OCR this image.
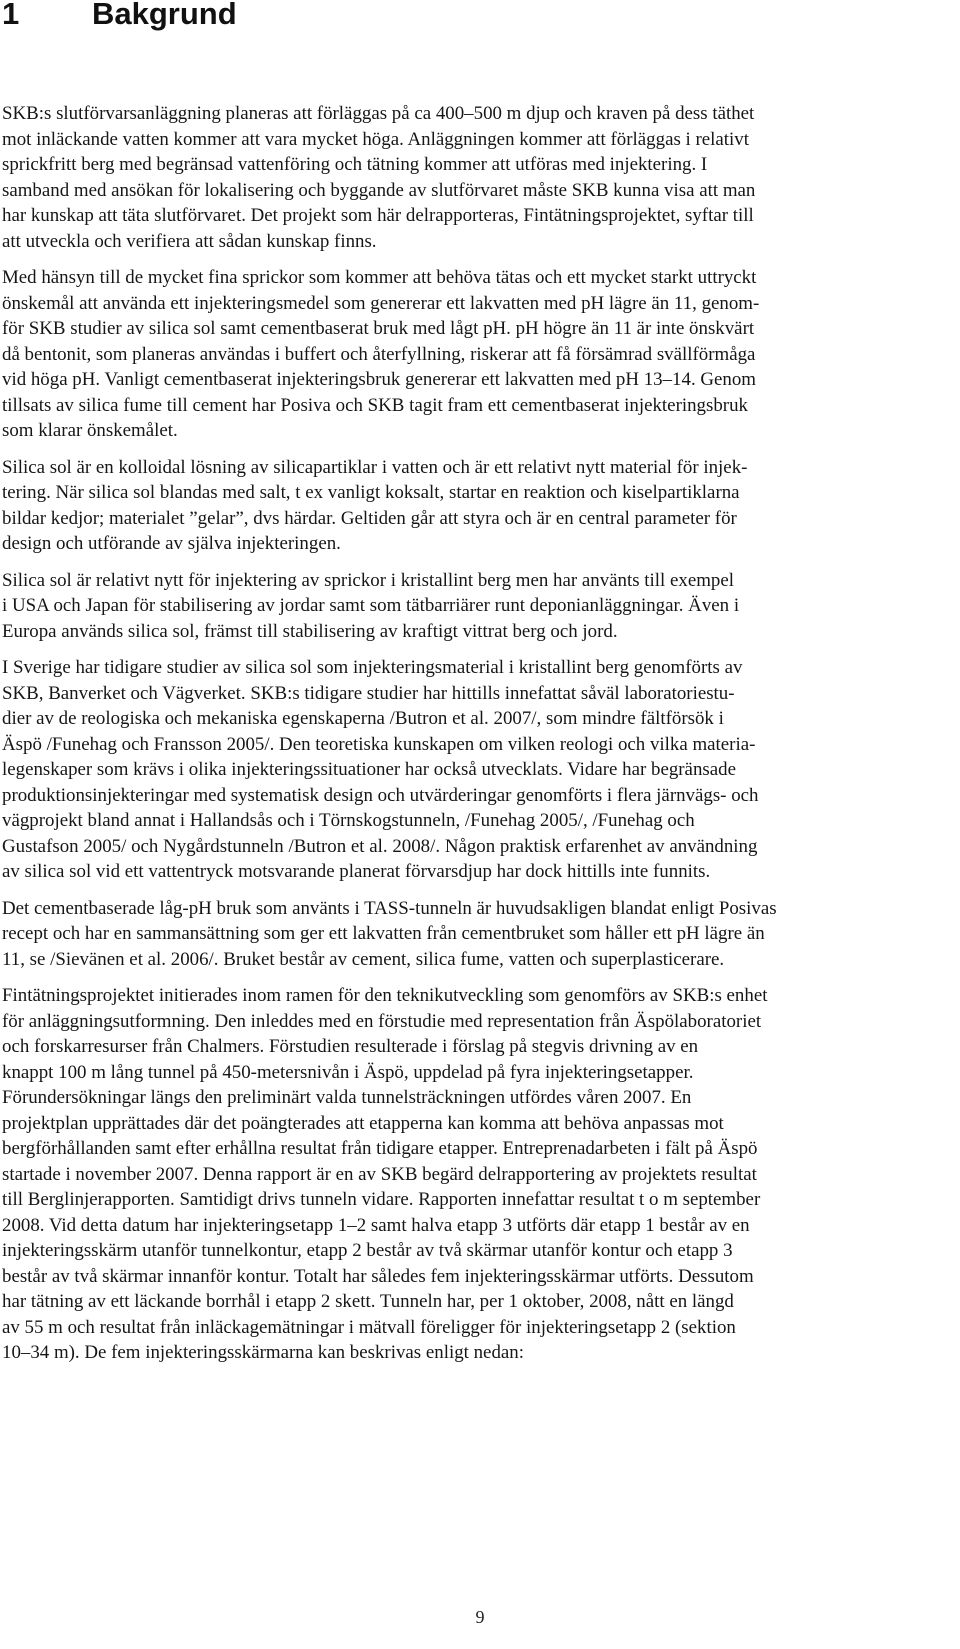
1 Bakgrund

SKB:s slutförvarsanläggning planeras att förläggas på ca 400–500 m djup och kraven på dess täthet
mot inläckande vatten kommer att vara mycket höga. Anläggningen kommer att förläggas i relativt
sprickfritt berg med begränsad vattenföring och tätning kommer att utföras med injektering. I
samband med ansökan för lokalisering och byggande av slutförvaret måste SKB kunna visa att man
har kunskap att täta slutförvaret. Det projekt som här delrapporteras, Fintätningsprojektet, syftar till
att utveckla och verifiera att sådan kunskap finns.

Med hänsyn till de mycket fina sprickor som kommer att behöva tätas och ett mycket starkt uttryckt
önskemål att använda ett injekteringsmedel som genererar ett lakvatten med pH lägre än 11, genom-
för SKB studier av silica sol samt cementbaserat bruk med lågt pH. pH högre än 11 är inte önskvärt
då bentonit, som planeras användas i buffert och återfyllning, riskerar att få försämrad svällförmåga
vid höga pH. Vanligt cementbaserat injekteringsbruk genererar ett lakvatten med pH 13–14. Genom
tillsats av silica fume till cement har Posiva och SKB tagit fram ett cementbaserat injekteringsbruk
som klarar önskemålet.

Silica sol är en kolloidal lösning av silicapartiklar i vatten och är ett relativt nytt material för injek-
tering. När silica sol blandas med salt, t ex vanligt koksalt, startar en reaktion och kiselpartiklarna
bildar kedjor; materialet ”gelar”, dvs härdar. Geltiden går att styra och är en central parameter för
design och utförande av själva injekteringen.

Silica sol är relativt nytt för injektering av sprickor i kristallint berg men har använts till exempel
i USA och Japan för stabilisering av jordar samt som tätbarriärer runt deponianläggningar. Även i
Europa används silica sol, främst till stabilisering av kraftigt vittrat berg och jord.

I Sverige har tidigare studier av silica sol som injekteringsmaterial i kristallint berg genomförts av
SKB, Banverket och Vägverket. SKB:s tidigare studier har hittills innefattat såväl laboratoriestu-
dier av de reologiska och mekaniska egenskaperna /Butron et al. 2007/, som mindre fältförsök i
Äspö /Funehag och Fransson 2005/. Den teoretiska kunskapen om vilken reologi och vilka materia-
legenskaper som krävs i olika injekteringssituationer har också utvecklats. Vidare har begränsade
produktionsinjekteringar med systematisk design och utvärderingar genomförts i flera järnvägs- och
vägprojekt bland annat i Hallandsås och i Törnskogstunneln, /Funehag 2005/, /Funehag och
Gustafson 2005/ och Nygårdstunneln /Butron et al. 2008/. Någon praktisk erfarenhet av användning
av silica sol vid ett vattentryck motsvarande planerat förvarsdjup har dock hittills inte funnits.

Det cementbaserade låg-pH bruk som använts i TASS-tunneln är huvudsakligen blandat enligt Posivas
recept och har en sammansättning som ger ett lakvatten från cementbruket som håller ett pH lägre än
11, se /Sievänen et al. 2006/. Bruket består av cement, silica fume, vatten och superplasticerare.

Fintätningsprojektet initierades inom ramen för den teknikutveckling som genomförs av SKB:s enhet
för anläggningsutformning. Den inleddes med en förstudie med representation från Äspölaboratoriet
och forskarresurser från Chalmers. Förstudien resulterade i förslag på stegvis drivning av en
knappt 100 m lång tunnel på 450-metersnivån i Äspö, uppdelad på fyra injekteringsetapper.
Förundersökningar längs den preliminärt valda tunnelsträckningen utfördes våren 2007. En
projektplan upprättades där det poängterades att etapperna kan komma att behöva anpassas mot
bergförhållanden samt efter erhållna resultat från tidigare etapper. Entreprenadarbeten i fält på Äspö
startade i november 2007. Denna rapport är en av SKB begärd delrapportering av projektets resultat
till Berglinjerapporten. Samtidigt drivs tunneln vidare. Rapporten innefattar resultat t o m september
2008. Vid detta datum har injekteringsetapp 1–2 samt halva etapp 3 utförts där etapp 1 består av en
injekteringsskärm utanför tunnelkontur, etapp 2 består av två skärmar utanför kontur och etapp 3
består av två skärmar innanför kontur. Totalt har således fem injekteringsskärmar utförts. Dessutom
har tätning av ett läckande borrhål i etapp 2 skett. Tunneln har, per 1 oktober, 2008, nått en längd
av 55 m och resultat från inläckagemätningar i mätvall föreligger för injekteringsetapp 2 (sektion
10–34 m). De fem injekteringsskärmarna kan beskrivas enligt nedan:

9
